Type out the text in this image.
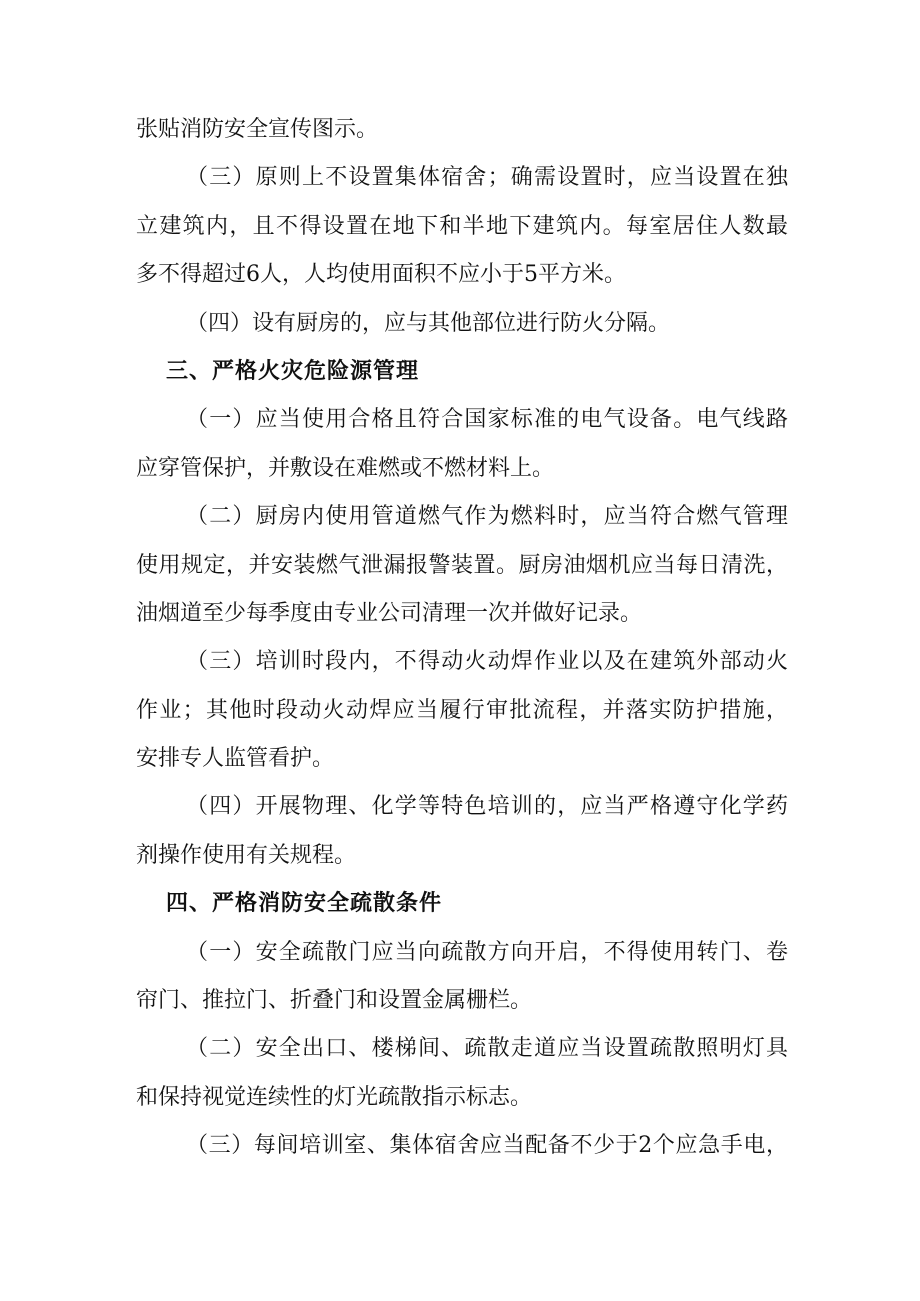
张贴消防安全宣传图示。
（三）原则上不设置集体宿舍；确需设置时，应当设置在独
立建筑内，且不得设置在地下和半地下建筑内。每室居住人数最
多不得超过6人，人均使用面积不应小于5平方米。
（四）设有厨房的，应与其他部位进行防火分隔。
三、严格火灾危险源管理
（一）应当使用合格且符合国家标准的电气设备。电气线路
应穿管保护，并敷设在难燃或不燃材料上。
（二）厨房内使用管道燃气作为燃料时，应当符合燃气管理
使用规定，并安装燃气泄漏报警装置。厨房油烟机应当每日清洗，
油烟道至少每季度由专业公司清理一次并做好记录。
（三）培训时段内，不得动火动焊作业以及在建筑外部动火
作业；其他时段动火动焊应当履行审批流程，并落实防护措施，
安排专人监管看护。
（四）开展物理、化学等特色培训的，应当严格遵守化学药
剂操作使用有关规程。
四、严格消防安全疏散条件
（一）安全疏散门应当向疏散方向开启，不得使用转门、卷
帘门、推拉门、折叠门和设置金属栅栏。
（二）安全出口、楼梯间、疏散走道应当设置疏散照明灯具
和保持视觉连续性的灯光疏散指示标志。
（三）每间培训室、集体宿舍应当配备不少于2个应急手电，
